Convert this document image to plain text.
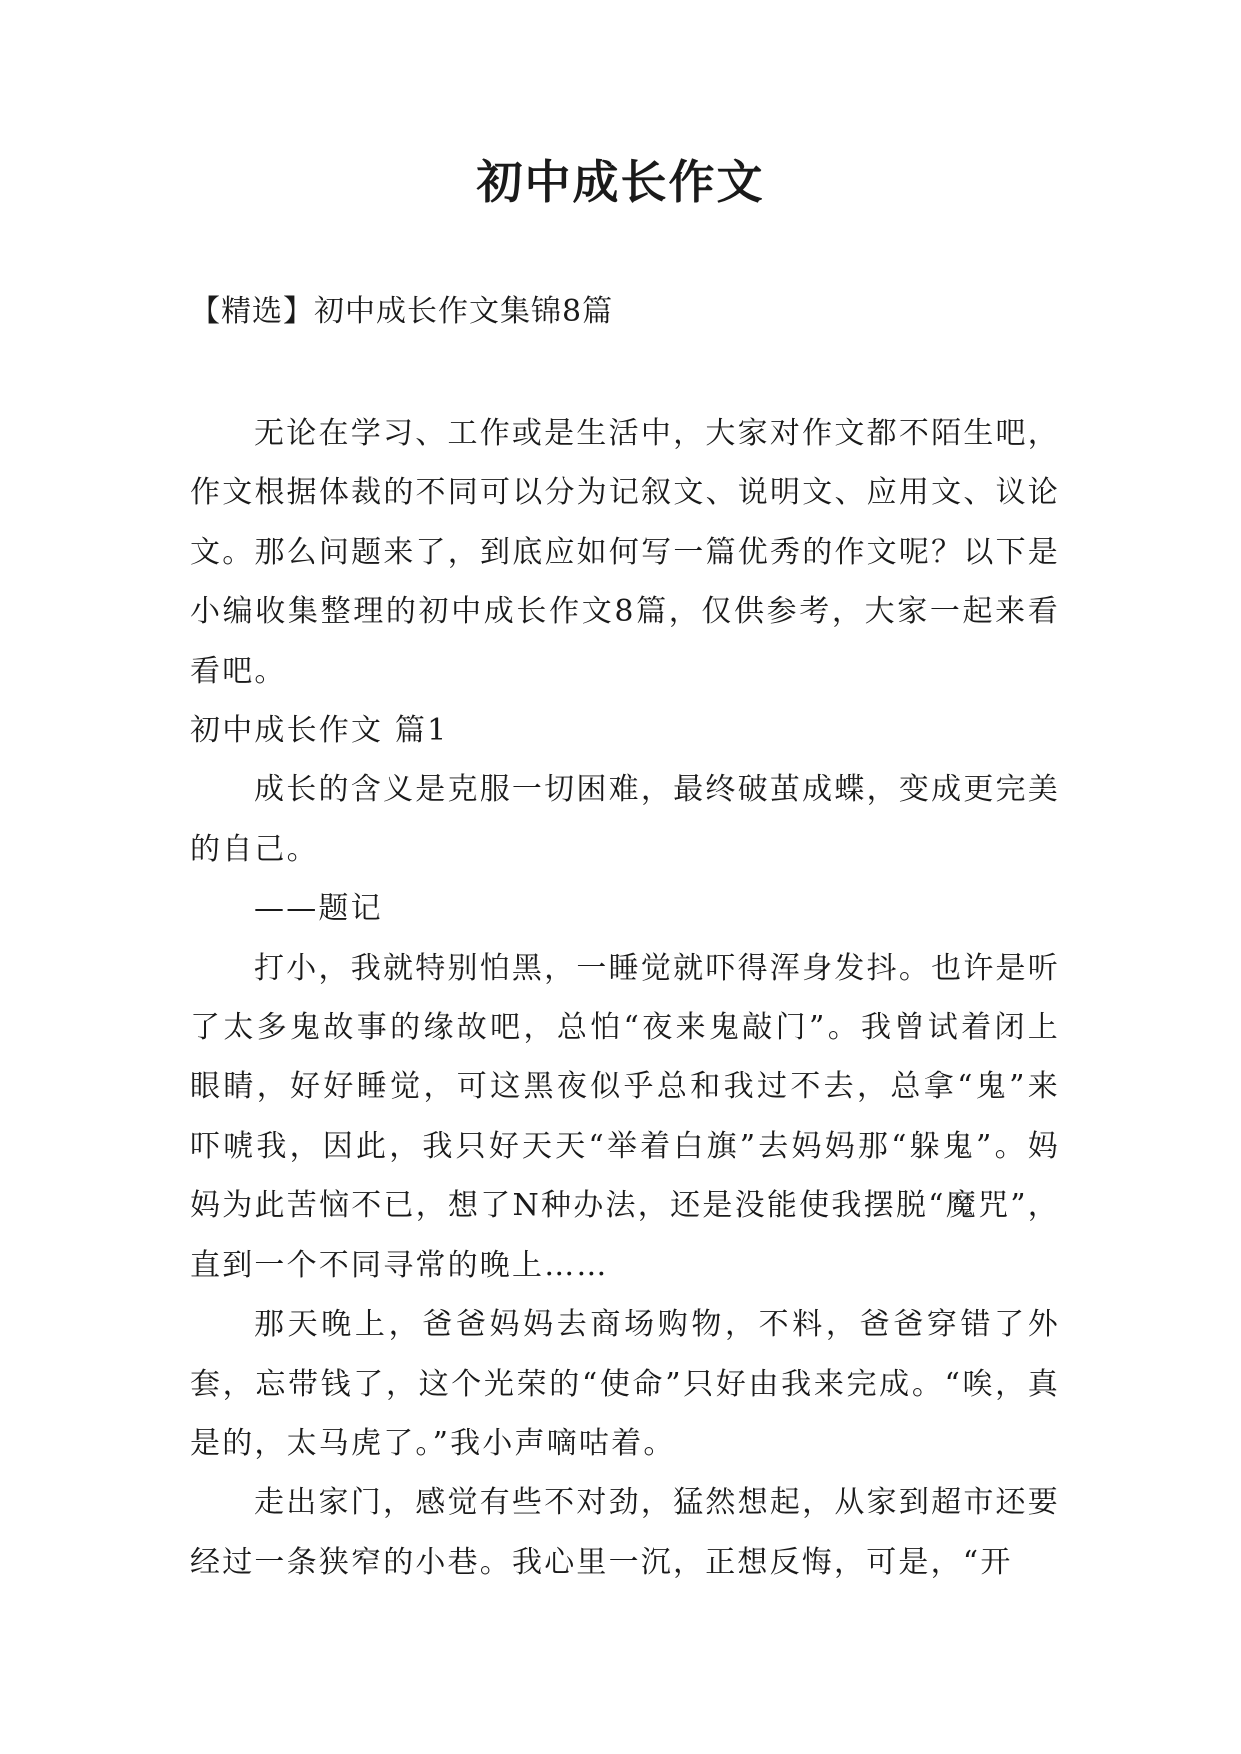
初中成长作文
【精选】初中成长作文集锦8篇

无论在学习、工作或是生活中，大家对作文都不陌生吧，作文根据体裁的不同可以分为记叙文、说明文、应用文、议论文。那么问题来了，到底应如何写一篇优秀的作文呢？以下是小编收集整理的初中成长作文8篇，仅供参考，大家一起来看看吧。

初中成长作文 篇1

成长的含义是克服一切困难，最终破茧成蝶，变成更完美的自己。

——题记

打小，我就特别怕黑，一睡觉就吓得浑身发抖。也许是听了太多鬼故事的缘故吧，总怕“夜来鬼敲门”。我曾试着闭上眼睛，好好睡觉，可这黑夜似乎总和我过不去，总拿“鬼”来吓唬我，因此，我只好天天“举着白旗”去妈妈那“躲鬼”。妈妈为此苦恼不已，想了N种办法，还是没能使我摆脱“魔咒”，直到一个不同寻常的晚上……

那天晚上，爸爸妈妈去商场购物，不料，爸爸穿错了外套，忘带钱了，这个光荣的“使命”只好由我来完成。“唉，真是的，太马虎了。”我小声嘀咕着。

走出家门，感觉有些不对劲，猛然想起，从家到超市还要经过一条狭窄的小巷。我心里一沉，正想反悔，可是，“开
